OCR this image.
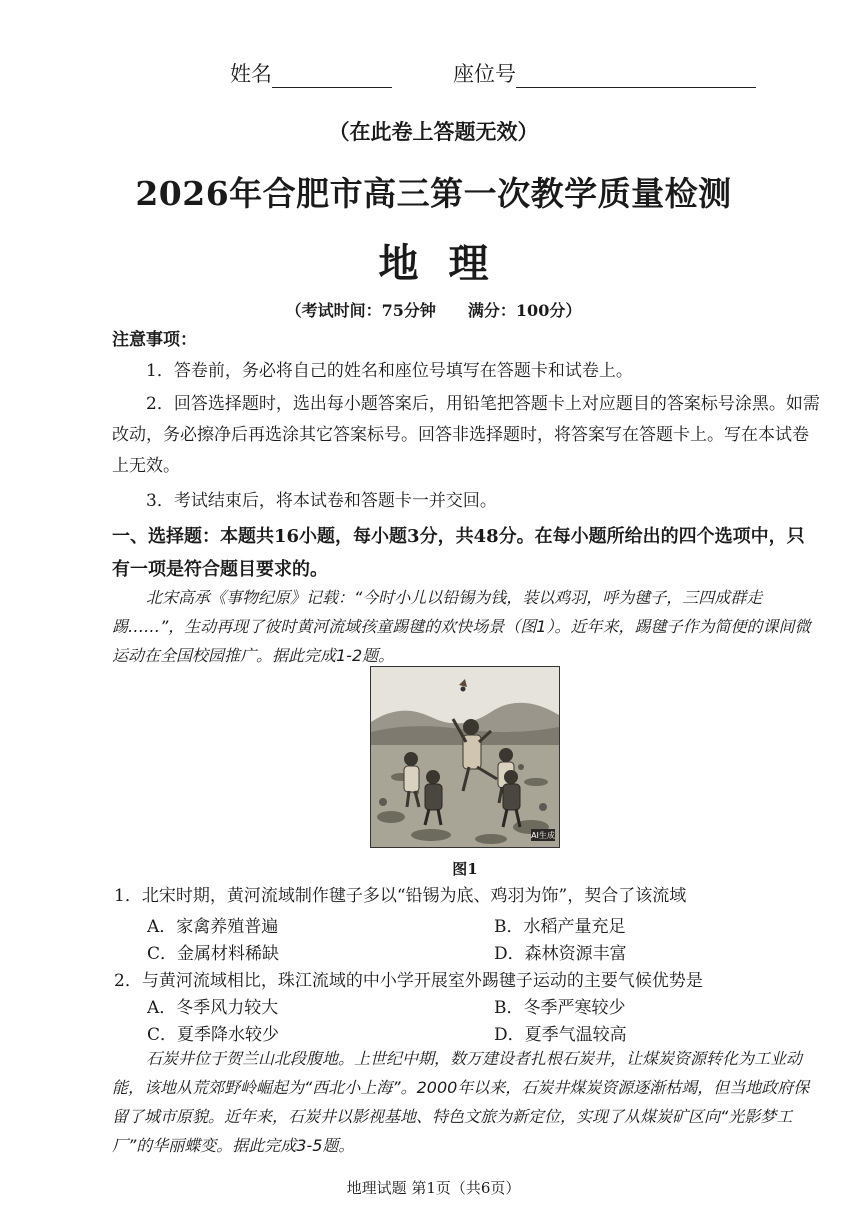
姓名	座位号
（在此卷上答题无效）
2026年合肥市高三第一次教学质量检测
地理
（考试时间：75分钟　　满分：100分）

注意事项：

1．答卷前，务必将自己的姓名和座位号填写在答题卡和试卷上。

2．回答选择题时，选出每小题答案后，用铅笔把答题卡上对应题目的答案标号涂黑。如需改动，务必擦净后再选涂其它答案标号。回答非选择题时，将答案写在答题卡上。写在本试卷上无效。

3．考试结束后，将本试卷和答题卡一并交回。

一、选择题：本题共16小题，每小题3分，共48分。在每小题所给出的四个选项中，只有一项是符合题目要求的。
北宋高承《事物纪原》记载：“今时小儿以铅锡为钱，装以鸡羽，呼为毽子，三四成群走踢……”，生动再现了彼时黄河流域孩童踢毽的欢快场景（图1）。近年来，踢毽子作为简便的课间微运动在全国校园推广。据此完成1-2题。
AI生成
图1
1．北宋时期，黄河流域制作毽子多以“铅锡为底、鸡羽为饰”，契合了该流域
A．家禽养殖普遍	B．水稻产量充足
C．金属材料稀缺	D．森林资源丰富
2．与黄河流域相比，珠江流域的中小学开展室外踢毽子运动的主要气候优势是
A．冬季风力较大	B．冬季严寒较少
C．夏季降水较少	D．夏季气温较高
石炭井位于贺兰山北段腹地。上世纪中期，数万建设者扎根石炭井，让煤炭资源转化为工业动能，该地从荒郊野岭崛起为“西北小上海”。2000年以来，石炭井煤炭资源逐渐枯竭，但当地政府保留了城市原貌。近年来，石炭井以影视基地、特色文旅为新定位，实现了从煤炭矿区向“光影梦工厂”的华丽蝶变。据此完成3-5题。
地理试题 第1页（共6页）
